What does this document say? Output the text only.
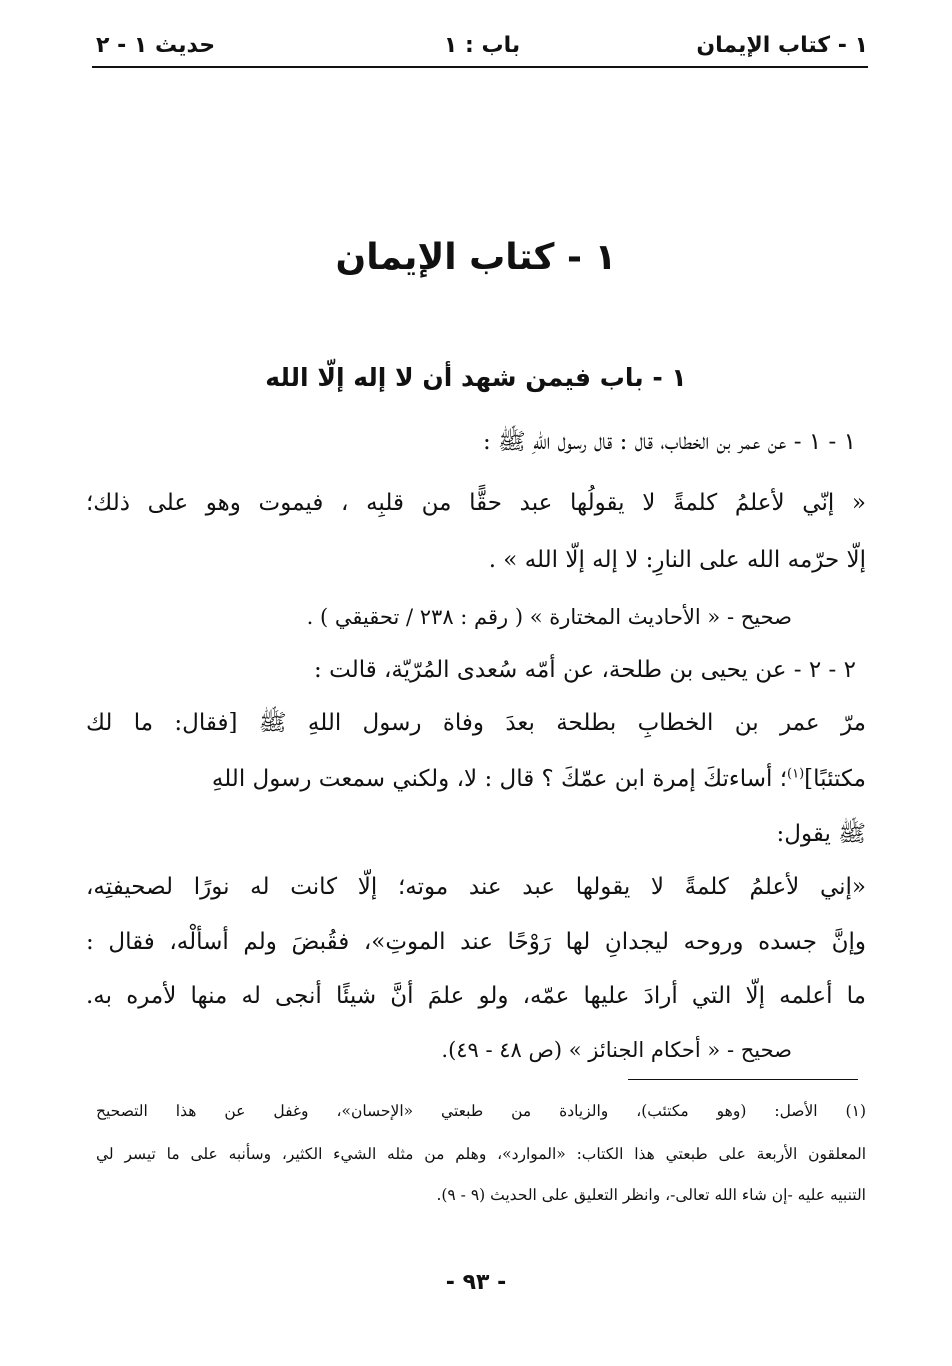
١ - كتاب الإيمان
باب : ١
حديث ١ - ٢
١ - كتاب الإيمان
١ - باب فيمن شهد أن لا إله إلّا الله
١ - ١ - عن عمر بن الخطاب، قال : قال رسول اللهِ ﷺ :
« إنّي لأعلمُ كلمةً لا يقولُها عبد حقًّا من قلبِه ، فيموت وهو على ذلك؛
إلّا حرّمه الله على النارِ: لا إله إلّا الله » .
صحيح - « الأحاديث المختارة » ( رقم : ٢٣٨ / تحقيقي ) .
٢ - ٢ - عن يحيى بن طلحة، عن أمّه سُعدى المُرّيّة، قالت :
مرّ عمر بن الخطابِ بطلحة بعدَ وفاة رسول اللهِ ﷺ [فقال: ما لك
مكتئبًا]$^{(١)}$؛ أساءتكَ إمرة ابن عمّكَ ؟ قال : لا، ولكني سمعت رسول اللهِ
ﷺ يقول:
«إني لأعلمُ كلمةً لا يقولها عبد عند موته؛ إلّا كانت له نورًا لصحيفتِه،
وإنَّ جسده وروحه ليجدانِ لها رَوْحًا عند الموتِ»، فقُبضَ ولم أسألْه، فقال :
ما أعلمه إلّا التي أرادَ عليها عمّه، ولو علمَ أنَّ شيئًا أنجى له منها لأمره به.
صحيح - « أحكام الجنائز » (ص ٤٨ - ٤٩).
(١) الأصل: (وهو مكتئب)، والزيادة من طبعتي «الإحسان»، وغفل عن هذا التصحيح
المعلقون الأربعة على طبعتي هذا الكتاب: «الموارد»، وهلم من مثله الشيء الكثير، وسأنبه على ما تيسر لي
التنبيه عليه -إن شاء الله تعالى-، وانظر التعليق على الحديث (٩ - ٩).
- ٩٣ -
